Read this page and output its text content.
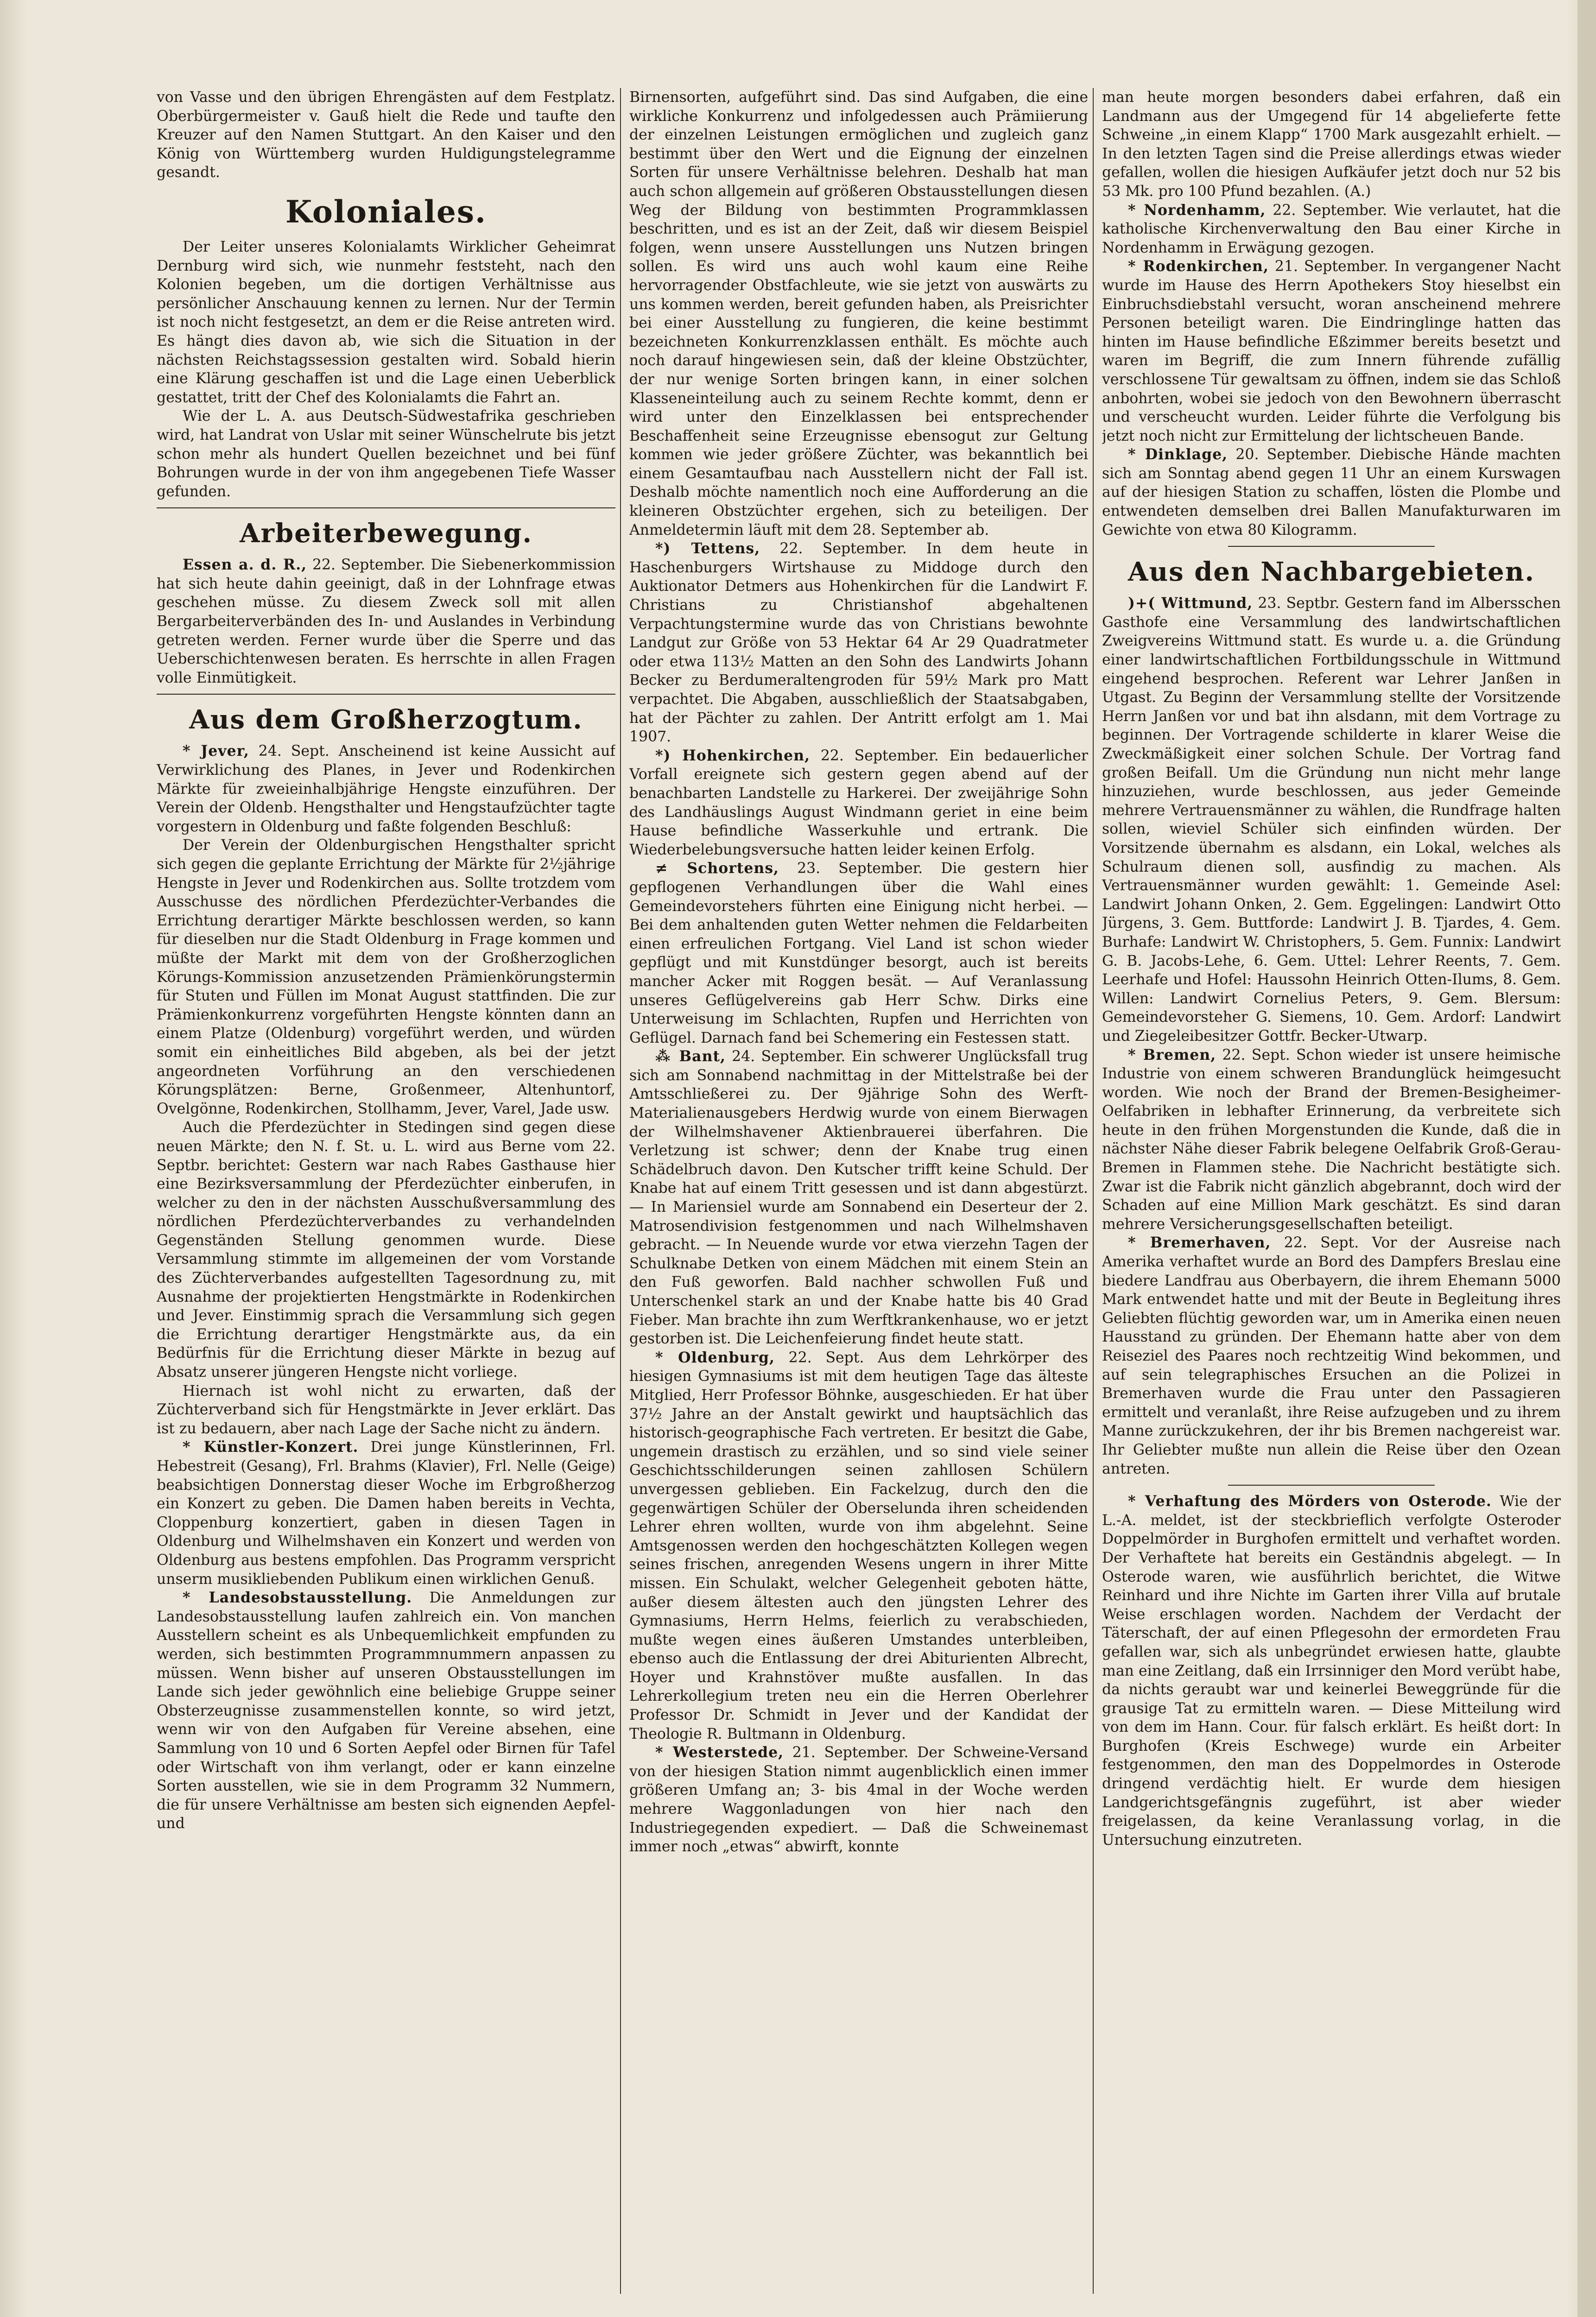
von Vasse und den übrigen Ehrengästen auf dem Festplatz. Oberbürgermeister v. Gauß hielt die Rede und taufte den Kreuzer auf den Namen Stuttgart. An den Kaiser und den König von Württemberg wurden Huldigungstelegramme gesandt.

Koloniales.

Der Leiter unseres Kolonialamts Wirklicher Geheimrat Dernburg wird sich, wie nunmehr feststeht, nach den Kolonien begeben, um die dortigen Verhältnisse aus persönlicher Anschauung kennen zu lernen. Nur der Termin ist noch nicht festgesetzt, an dem er die Reise antreten wird. Es hängt dies davon ab, wie sich die Situation in der nächsten Reichstagssession gestalten wird. Sobald hierin eine Klärung geschaffen ist und die Lage einen Ueberblick gestattet, tritt der Chef des Kolonialamts die Fahrt an.

Wie der L. A. aus Deutsch-Südwestafrika geschrieben wird, hat Landrat von Uslar mit seiner Wünschelrute bis jetzt schon mehr als hundert Quellen bezeichnet und bei fünf Bohrungen wurde in der von ihm angegebenen Tiefe Wasser gefunden.

Arbeiterbewegung.

Essen a. d. R., 22. September. Die Siebenerkommission hat sich heute dahin geeinigt, daß in der Lohnfrage etwas geschehen müsse. Zu diesem Zweck soll mit allen Bergarbeiterverbänden des In- und Auslandes in Verbindung getreten werden. Ferner wurde über die Sperre und das Ueberschichtenwesen beraten. Es herrschte in allen Fragen volle Einmütigkeit.

Aus dem Großherzogtum.

* Jever, 24. Sept. Anscheinend ist keine Aussicht auf Verwirklichung des Planes, in Jever und Rodenkirchen Märkte für zweieinhalbjährige Hengste einzuführen. Der Verein der Oldenb. Hengsthalter und Hengstaufzüchter tagte vorgestern in Oldenburg und faßte folgenden Beschluß:

Der Verein der Oldenburgischen Hengsthalter spricht sich gegen die geplante Errichtung der Märkte für 2½jährige Hengste in Jever und Rodenkirchen aus. Sollte trotzdem vom Ausschusse des nördlichen Pferdezüchter-Verbandes die Errichtung derartiger Märkte beschlossen werden, so kann für dieselben nur die Stadt Oldenburg in Frage kommen und müßte der Markt mit dem von der Großherzoglichen Körungs-Kommission anzusetzenden Prämienkörungstermin für Stuten und Füllen im Monat August stattfinden. Die zur Prämienkonkurrenz vorgeführten Hengste könnten dann an einem Platze (Oldenburg) vorgeführt werden, und würden somit ein einheitliches Bild abgeben, als bei der jetzt angeordneten Vorführung an den verschiedenen Körungsplätzen: Berne, Großenmeer, Altenhuntorf, Ovelgönne, Rodenkirchen, Stollhamm, Jever, Varel, Jade usw.

Auch die Pferdezüchter in Stedingen sind gegen diese neuen Märkte; den N. f. St. u. L. wird aus Berne vom 22. Septbr. berichtet: Gestern war nach Rabes Gasthause hier eine Bezirksversammlung der Pferdezüchter einberufen, in welcher zu den in der nächsten Ausschußversammlung des nördlichen Pferdezüchterverbandes zu verhandelnden Gegenständen Stellung genommen wurde. Diese Versammlung stimmte im allgemeinen der vom Vorstande des Züchterverbandes aufgestellten Tagesordnung zu, mit Ausnahme der projektierten Hengstmärkte in Rodenkirchen und Jever. Einstimmig sprach die Versammlung sich gegen die Errichtung derartiger Hengstmärkte aus, da ein Bedürfnis für die Errichtung dieser Märkte in bezug auf Absatz unserer jüngeren Hengste nicht vorliege.

Hiernach ist wohl nicht zu erwarten, daß der Züchterverband sich für Hengstmärkte in Jever erklärt. Das ist zu bedauern, aber nach Lage der Sache nicht zu ändern.

* Künstler-Konzert. Drei junge Künstlerinnen, Frl. Hebestreit (Gesang), Frl. Brahms (Klavier), Frl. Nelle (Geige) beabsichtigen Donnerstag dieser Woche im Erbgroßherzog ein Konzert zu geben. Die Damen haben bereits in Vechta, Cloppenburg konzertiert, gaben in diesen Tagen in Oldenburg und Wilhelmshaven ein Konzert und werden von Oldenburg aus bestens empfohlen. Das Programm verspricht unserm musikliebenden Publikum einen wirklichen Genuß.

* Landesobstausstellung. Die Anmeldungen zur Landesobstausstellung laufen zahlreich ein. Von manchen Ausstellern scheint es als Unbequemlichkeit empfunden zu werden, sich bestimmten Programmnummern anpassen zu müssen. Wenn bisher auf unseren Obstausstellungen im Lande sich jeder gewöhnlich eine beliebige Gruppe seiner Obsterzeugnisse zusammenstellen konnte, so wird jetzt, wenn wir von den Aufgaben für Vereine absehen, eine Sammlung von 10 und 6 Sorten Aepfel oder Birnen für Tafel oder Wirtschaft von ihm verlangt, oder er kann einzelne Sorten ausstellen, wie sie in dem Programm 32 Nummern, die für unsere Verhältnisse am besten sich eignenden Aepfel- und

Birnensorten, aufgeführt sind. Das sind Aufgaben, die eine wirkliche Konkurrenz und infolgedessen auch Prämiierung der einzelnen Leistungen ermöglichen und zugleich ganz bestimmt über den Wert und die Eignung der einzelnen Sorten für unsere Verhältnisse belehren. Deshalb hat man auch schon allgemein auf größeren Obstausstellungen diesen Weg der Bildung von bestimmten Programmklassen beschritten, und es ist an der Zeit, daß wir diesem Beispiel folgen, wenn unsere Ausstellungen uns Nutzen bringen sollen. Es wird uns auch wohl kaum eine Reihe hervorragender Obstfachleute, wie sie jetzt von auswärts zu uns kommen werden, bereit gefunden haben, als Preisrichter bei einer Ausstellung zu fungieren, die keine bestimmt bezeichneten Konkurrenzklassen enthält. Es möchte auch noch darauf hingewiesen sein, daß der kleine Obstzüchter, der nur wenige Sorten bringen kann, in einer solchen Klasseneinteilung auch zu seinem Rechte kommt, denn er wird unter den Einzelklassen bei entsprechender Beschaffenheit seine Erzeugnisse ebensogut zur Geltung kommen wie jeder größere Züchter, was bekanntlich bei einem Gesamtaufbau nach Ausstellern nicht der Fall ist. Deshalb möchte namentlich noch eine Aufforderung an die kleineren Obstzüchter ergehen, sich zu beteiligen. Der Anmeldetermin läuft mit dem 28. September ab.

*) Tettens, 22. September. In dem heute in Haschenburgers Wirtshause zu Middoge durch den Auktionator Detmers aus Hohenkirchen für die Landwirt F. Christians zu Christianshof abgehaltenen Verpachtungstermine wurde das von Christians bewohnte Landgut zur Größe von 53 Hektar 64 Ar 29 Quadratmeter oder etwa 113½ Matten an den Sohn des Landwirts Johann Becker zu Berdumeraltengroden für 59½ Mark pro Matt verpachtet. Die Abgaben, ausschließlich der Staatsabgaben, hat der Pächter zu zahlen. Der Antritt erfolgt am 1. Mai 1907.

*) Hohenkirchen, 22. September. Ein bedauerlicher Vorfall ereignete sich gestern gegen abend auf der benachbarten Landstelle zu Harkerei. Der zweijährige Sohn des Landhäuslings August Windmann geriet in eine beim Hause befindliche Wasserkuhle und ertrank. Die Wiederbelebungsversuche hatten leider keinen Erfolg.

≠ Schortens, 23. September. Die gestern hier gepflogenen Verhandlungen über die Wahl eines Gemeindevorstehers führten eine Einigung nicht herbei. — Bei dem anhaltenden guten Wetter nehmen die Feldarbeiten einen erfreulichen Fortgang. Viel Land ist schon wieder gepflügt und mit Kunstdünger besorgt, auch ist bereits mancher Acker mit Roggen besät. — Auf Veranlassung unseres Geflügelvereins gab Herr Schw. Dirks eine Unterweisung im Schlachten, Rupfen und Herrichten von Geflügel. Darnach fand bei Schemering ein Festessen statt.

⁂ Bant, 24. September. Ein schwerer Unglücksfall trug sich am Sonnabend nachmittag in der Mittelstraße bei der Amtsschließerei zu. Der 9jährige Sohn des Werft-Materialienausgebers Herdwig wurde von einem Bierwagen der Wilhelmshavener Aktienbrauerei überfahren. Die Verletzung ist schwer; denn der Knabe trug einen Schädelbruch davon. Den Kutscher trifft keine Schuld. Der Knabe hat auf einem Tritt gesessen und ist dann abgestürzt. — In Mariensiel wurde am Sonnabend ein Deserteur der 2. Matrosendivision festgenommen und nach Wilhelmshaven gebracht. — In Neuende wurde vor etwa vierzehn Tagen der Schulknabe Detken von einem Mädchen mit einem Stein an den Fuß geworfen. Bald nachher schwollen Fuß und Unterschenkel stark an und der Knabe hatte bis 40 Grad Fieber. Man brachte ihn zum Werftkrankenhause, wo er jetzt gestorben ist. Die Leichenfeierung findet heute statt.

* Oldenburg, 22. Sept. Aus dem Lehrkörper des hiesigen Gymnasiums ist mit dem heutigen Tage das älteste Mitglied, Herr Professor Böhnke, ausgeschieden. Er hat über 37½ Jahre an der Anstalt gewirkt und hauptsächlich das historisch-geographische Fach vertreten. Er besitzt die Gabe, ungemein drastisch zu erzählen, und so sind viele seiner Geschichtsschilderungen seinen zahllosen Schülern unvergessen geblieben. Ein Fackelzug, durch den die gegenwärtigen Schüler der Oberselunda ihren scheidenden Lehrer ehren wollten, wurde von ihm abgelehnt. Seine Amtsgenossen werden den hochgeschätzten Kollegen wegen seines frischen, anregenden Wesens ungern in ihrer Mitte missen. Ein Schulakt, welcher Gelegenheit geboten hätte, außer diesem ältesten auch den jüngsten Lehrer des Gymnasiums, Herrn Helms, feierlich zu verabschieden, mußte wegen eines äußeren Umstandes unterbleiben, ebenso auch die Entlassung der drei Abiturienten Albrecht, Hoyer und Krahnstöver mußte ausfallen. In das Lehrerkollegium treten neu ein die Herren Oberlehrer Professor Dr. Schmidt in Jever und der Kandidat der Theologie R. Bultmann in Oldenburg.

* Westerstede, 21. September. Der Schweine-Versand von der hiesigen Station nimmt augenblicklich einen immer größeren Umfang an; 3- bis 4mal in der Woche werden mehrere Waggonladungen von hier nach den Industriegegenden expediert. — Daß die Schweinemast immer noch „etwas“ abwirft, konnte

man heute morgen besonders dabei erfahren, daß ein Landmann aus der Umgegend für 14 abgelieferte fette Schweine „in einem Klapp“ 1700 Mark ausgezahlt erhielt. — In den letzten Tagen sind die Preise allerdings etwas wieder gefallen, wollen die hiesigen Aufkäufer jetzt doch nur 52 bis 53 Mk. pro 100 Pfund bezahlen. (A.)

* Nordenhamm, 22. September. Wie verlautet, hat die katholische Kirchenverwaltung den Bau einer Kirche in Nordenhamm in Erwägung gezogen.

* Rodenkirchen, 21. September. In vergangener Nacht wurde im Hause des Herrn Apothekers Stoy hieselbst ein Einbruchsdiebstahl versucht, woran anscheinend mehrere Personen beteiligt waren. Die Eindringlinge hatten das hinten im Hause befindliche Eßzimmer bereits besetzt und waren im Begriff, die zum Innern führende zufällig verschlossene Tür gewaltsam zu öffnen, indem sie das Schloß anbohrten, wobei sie jedoch von den Bewohnern überrascht und verscheucht wurden. Leider führte die Verfolgung bis jetzt noch nicht zur Ermittelung der lichtscheuen Bande.

* Dinklage, 20. September. Diebische Hände machten sich am Sonntag abend gegen 11 Uhr an einem Kurswagen auf der hiesigen Station zu schaffen, lösten die Plombe und entwendeten demselben drei Ballen Manufakturwaren im Gewichte von etwa 80 Kilogramm.

Aus den Nachbargebieten.

)+( Wittmund, 23. Septbr. Gestern fand im Albersschen Gasthofe eine Versammlung des landwirtschaftlichen Zweigvereins Wittmund statt. Es wurde u. a. die Gründung einer landwirtschaftlichen Fortbildungsschule in Wittmund eingehend besprochen. Referent war Lehrer Janßen in Utgast. Zu Beginn der Versammlung stellte der Vorsitzende Herrn Janßen vor und bat ihn alsdann, mit dem Vortrage zu beginnen. Der Vortragende schilderte in klarer Weise die Zweckmäßigkeit einer solchen Schule. Der Vortrag fand großen Beifall. Um die Gründung nun nicht mehr lange hinzuziehen, wurde beschlossen, aus jeder Gemeinde mehrere Vertrauensmänner zu wählen, die Rundfrage halten sollen, wieviel Schüler sich einfinden würden. Der Vorsitzende übernahm es alsdann, ein Lokal, welches als Schulraum dienen soll, ausfindig zu machen. Als Vertrauensmänner wurden gewählt: 1. Gemeinde Asel: Landwirt Johann Onken, 2. Gem. Eggelingen: Landwirt Otto Jürgens, 3. Gem. Buttforde: Landwirt J. B. Tjardes, 4. Gem. Burhafe: Landwirt W. Christophers, 5. Gem. Funnix: Landwirt G. B. Jacobs-Lehe, 6. Gem. Uttel: Lehrer Reents, 7. Gem. Leerhafe und Hofel: Haussohn Heinrich Otten-Ilums, 8. Gem. Willen: Landwirt Cornelius Peters, 9. Gem. Blersum: Gemeindevorsteher G. Siemens, 10. Gem. Ardorf: Landwirt und Ziegeleibesitzer Gottfr. Becker-Utwarp.

* Bremen, 22. Sept. Schon wieder ist unsere heimische Industrie von einem schweren Brandunglück heimgesucht worden. Wie noch der Brand der Bremen-Besigheimer-Oelfabriken in lebhafter Erinnerung, da verbreitete sich heute in den frühen Morgenstunden die Kunde, daß die in nächster Nähe dieser Fabrik belegene Oelfabrik Groß-Gerau-Bremen in Flammen stehe. Die Nachricht bestätigte sich. Zwar ist die Fabrik nicht gänzlich abgebrannt, doch wird der Schaden auf eine Million Mark geschätzt. Es sind daran mehrere Versicherungsgesellschaften beteiligt.

* Bremerhaven, 22. Sept. Vor der Ausreise nach Amerika verhaftet wurde an Bord des Dampfers Breslau eine biedere Landfrau aus Oberbayern, die ihrem Ehemann 5000 Mark entwendet hatte und mit der Beute in Begleitung ihres Geliebten flüchtig geworden war, um in Amerika einen neuen Hausstand zu gründen. Der Ehemann hatte aber von dem Reiseziel des Paares noch rechtzeitig Wind bekommen, und auf sein telegraphisches Ersuchen an die Polizei in Bremerhaven wurde die Frau unter den Passagieren ermittelt und veranlaßt, ihre Reise aufzugeben und zu ihrem Manne zurückzukehren, der ihr bis Bremen nachgereist war. Ihr Geliebter mußte nun allein die Reise über den Ozean antreten.

* Verhaftung des Mörders von Osterode. Wie der L.-A. meldet, ist der steckbrieflich verfolgte Osteroder Doppelmörder in Burghofen ermittelt und verhaftet worden. Der Verhaftete hat bereits ein Geständnis abgelegt. — In Osterode waren, wie ausführlich berichtet, die Witwe Reinhard und ihre Nichte im Garten ihrer Villa auf brutale Weise erschlagen worden. Nachdem der Verdacht der Täterschaft, der auf einen Pflegesohn der ermordeten Frau gefallen war, sich als unbegründet erwiesen hatte, glaubte man eine Zeitlang, daß ein Irrsinniger den Mord verübt habe, da nichts geraubt war und keinerlei Beweggründe für die grausige Tat zu ermitteln waren. — Diese Mitteilung wird von dem im Hann. Cour. für falsch erklärt. Es heißt dort: In Burghofen (Kreis Eschwege) wurde ein Arbeiter festgenommen, den man des Doppelmordes in Osterode dringend verdächtig hielt. Er wurde dem hiesigen Landgerichtsgefängnis zugeführt, ist aber wieder freigelassen, da keine Veranlassung vorlag, in die Untersuchung einzutreten.
